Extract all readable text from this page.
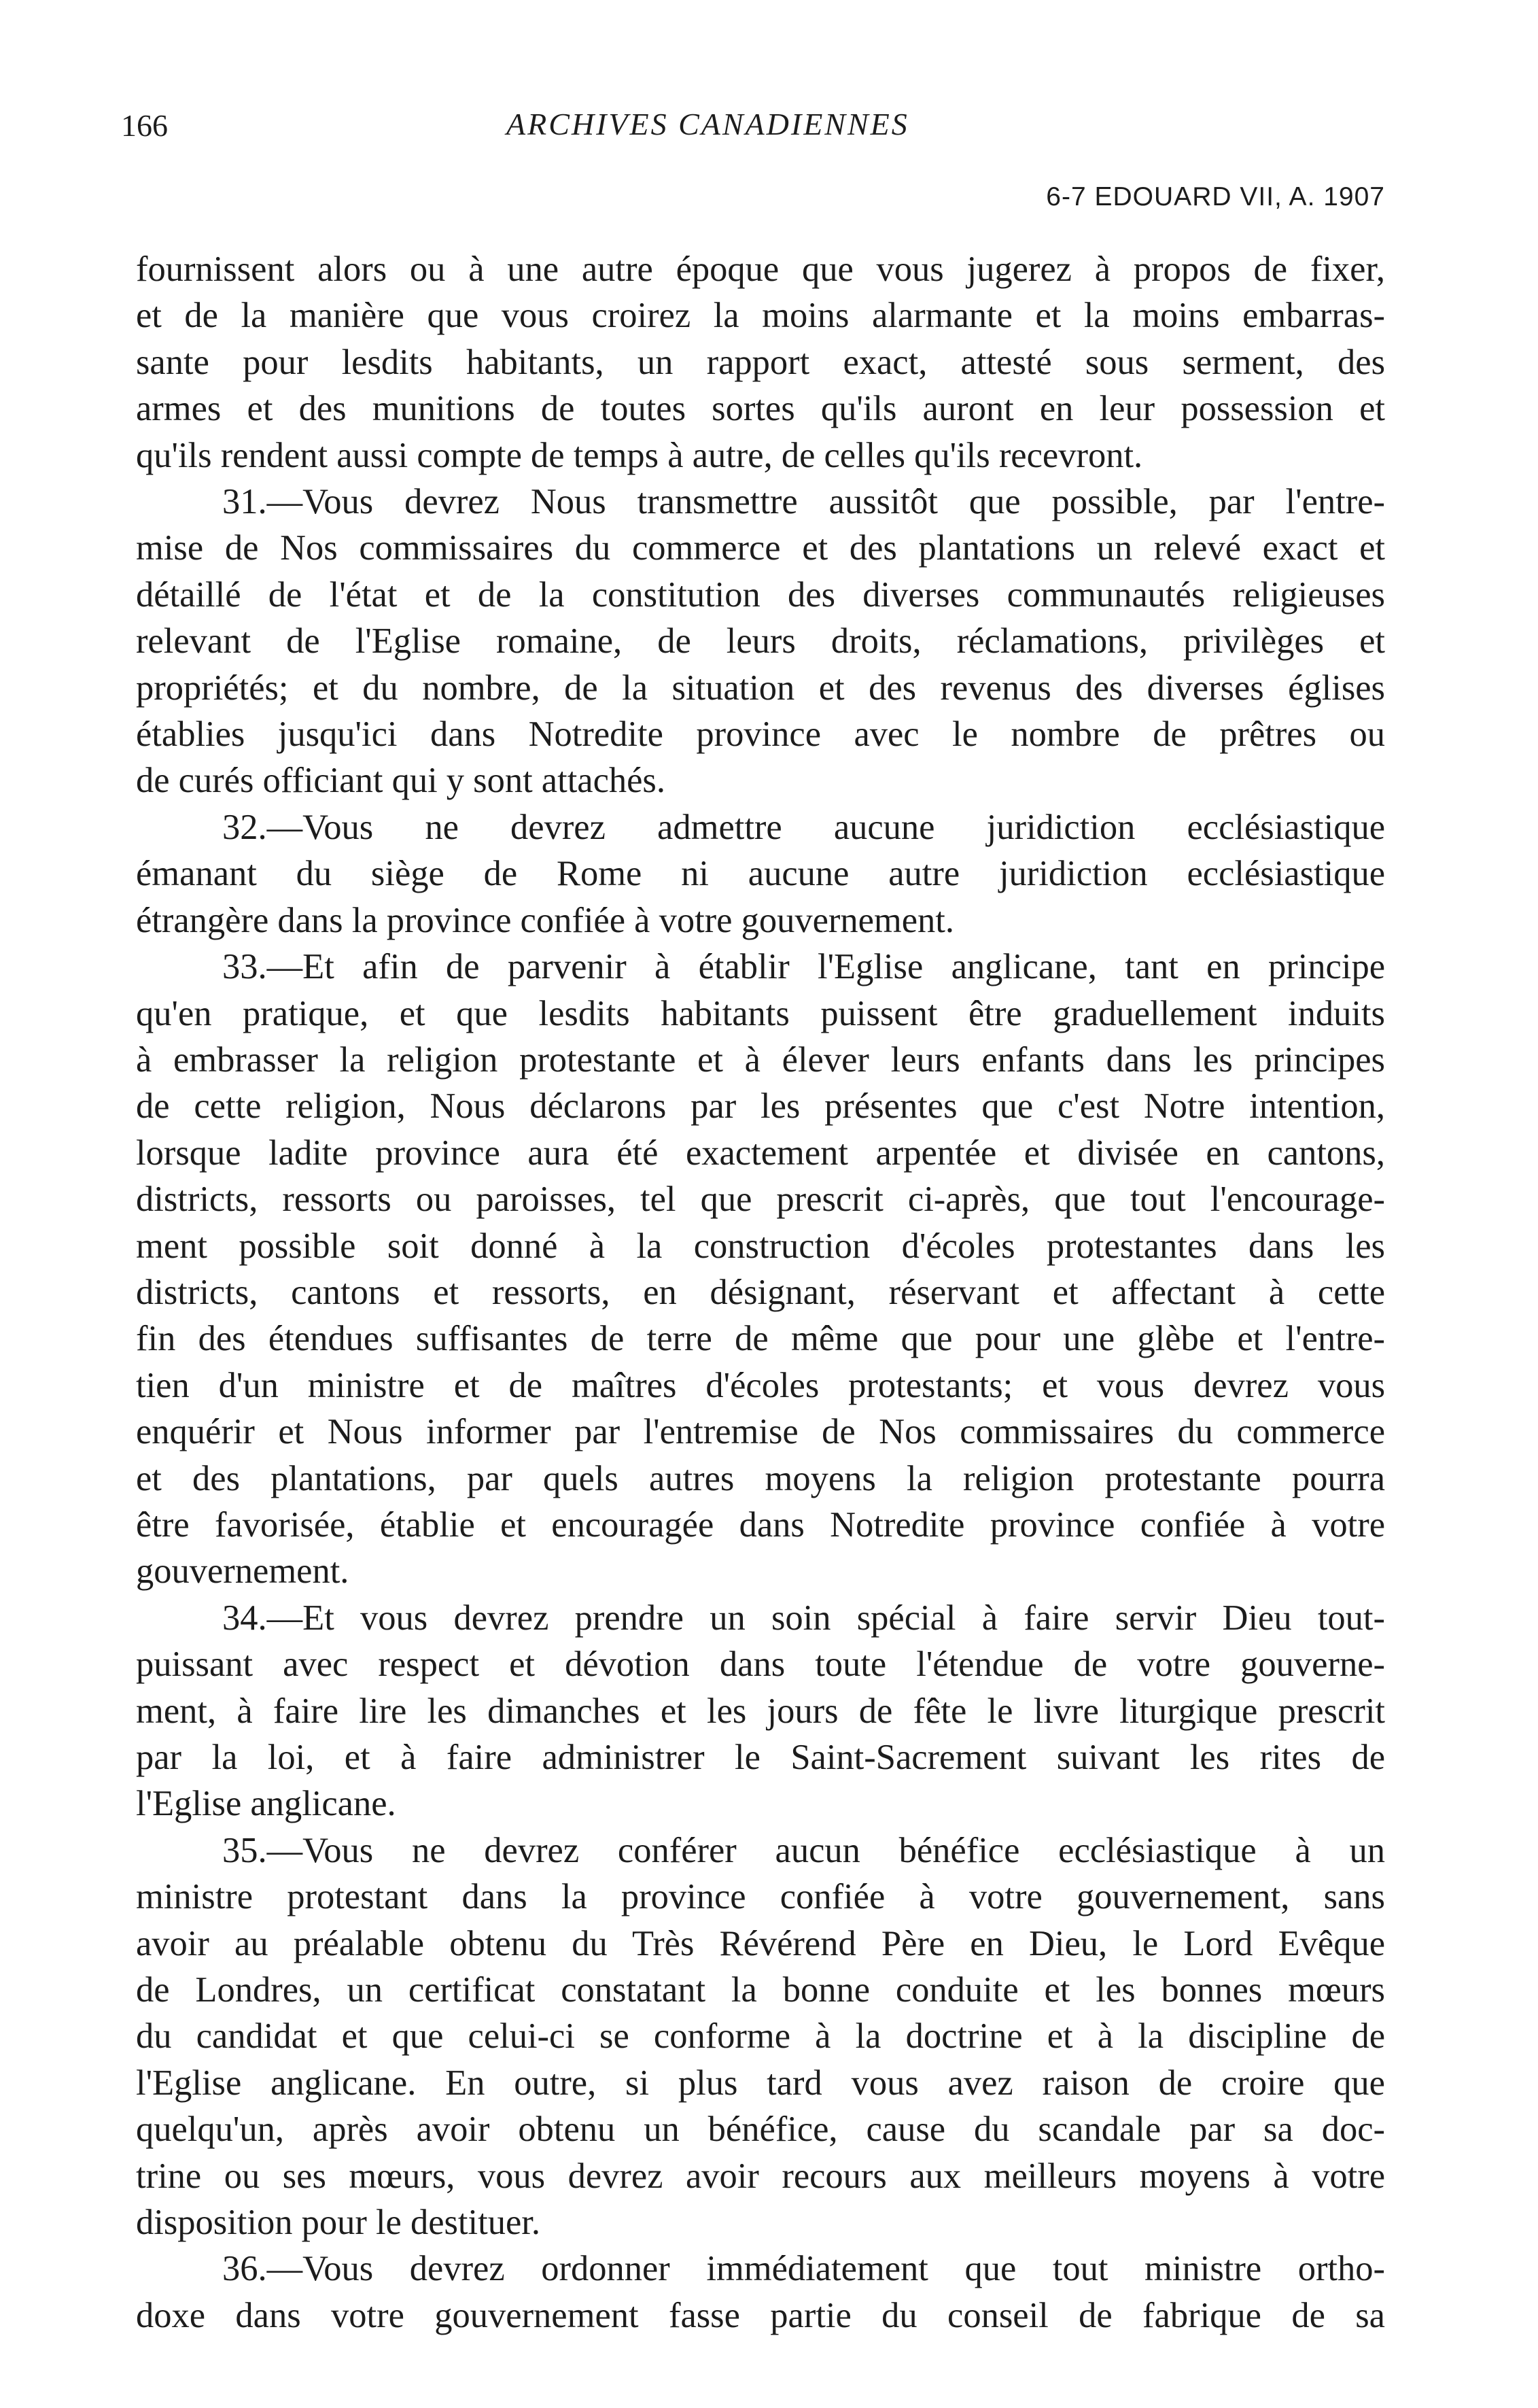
166	ARCHIVES CANADIENNES
6-7 EDOUARD VII, A. 1907

fournissent alors ou à une autre époque que vous jugerez à propos de fixer,

et de la manière que vous croirez la moins alarmante et la moins embarras-

sante pour lesdits habitants, un rapport exact, attesté sous serment, des

armes et des munitions de toutes sortes qu'ils auront en leur possession et

qu'ils rendent aussi compte de temps à autre, de celles qu'ils recevront.

31.—Vous devrez Nous transmettre aussitôt que possible, par l'entre-

mise de Nos commissaires du commerce et des plantations un relevé exact et

détaillé de l'état et de la constitution des diverses communautés religieuses

relevant de l'Eglise romaine, de leurs droits, réclamations, privilèges et

propriétés; et du nombre, de la situation et des revenus des diverses églises

établies jusqu'ici dans Notredite province avec le nombre de prêtres ou

de curés officiant qui y sont attachés.

32.—Vous ne devrez admettre aucune juridiction ecclésiastique

émanant du siège de Rome ni aucune autre juridiction ecclésiastique

étrangère dans la province confiée à votre gouvernement.

33.—Et afin de parvenir à établir l'Eglise anglicane, tant en principe

qu'en pratique, et que lesdits habitants puissent être graduellement induits

à embrasser la religion protestante et à élever leurs enfants dans les principes

de cette religion, Nous déclarons par les présentes que c'est Notre intention,

lorsque ladite province aura été exactement arpentée et divisée en cantons,

districts, ressorts ou paroisses, tel que prescrit ci-après, que tout l'encourage-

ment possible soit donné à la construction d'écoles protestantes dans les

districts, cantons et ressorts, en désignant, réservant et affectant à cette

fin des étendues suffisantes de terre de même que pour une glèbe et l'entre-

tien d'un ministre et de maîtres d'écoles protestants; et vous devrez vous

enquérir et Nous informer par l'entremise de Nos commissaires du commerce

et des plantations, par quels autres moyens la religion protestante pourra

être favorisée, établie et encouragée dans Notredite province confiée à votre

gouvernement.

34.—Et vous devrez prendre un soin spécial à faire servir Dieu tout-

puissant avec respect et dévotion dans toute l'étendue de votre gouverne-

ment, à faire lire les dimanches et les jours de fête le livre liturgique prescrit

par la loi, et à faire administrer le Saint-Sacrement suivant les rites de

l'Eglise anglicane.

35.—Vous ne devrez conférer aucun bénéfice ecclésiastique à un

ministre protestant dans la province confiée à votre gouvernement, sans

avoir au préalable obtenu du Très Révérend Père en Dieu, le Lord Evêque

de Londres, un certificat constatant la bonne conduite et les bonnes mœurs

du candidat et que celui-ci se conforme à la doctrine et à la discipline de

l'Eglise anglicane. En outre, si plus tard vous avez raison de croire que

quelqu'un, après avoir obtenu un bénéfice, cause du scandale par sa doc-

trine ou ses mœurs, vous devrez avoir recours aux meilleurs moyens à votre

disposition pour le destituer.

36.—Vous devrez ordonner immédiatement que tout ministre ortho-

doxe dans votre gouvernement fasse partie du conseil de fabrique de sa
